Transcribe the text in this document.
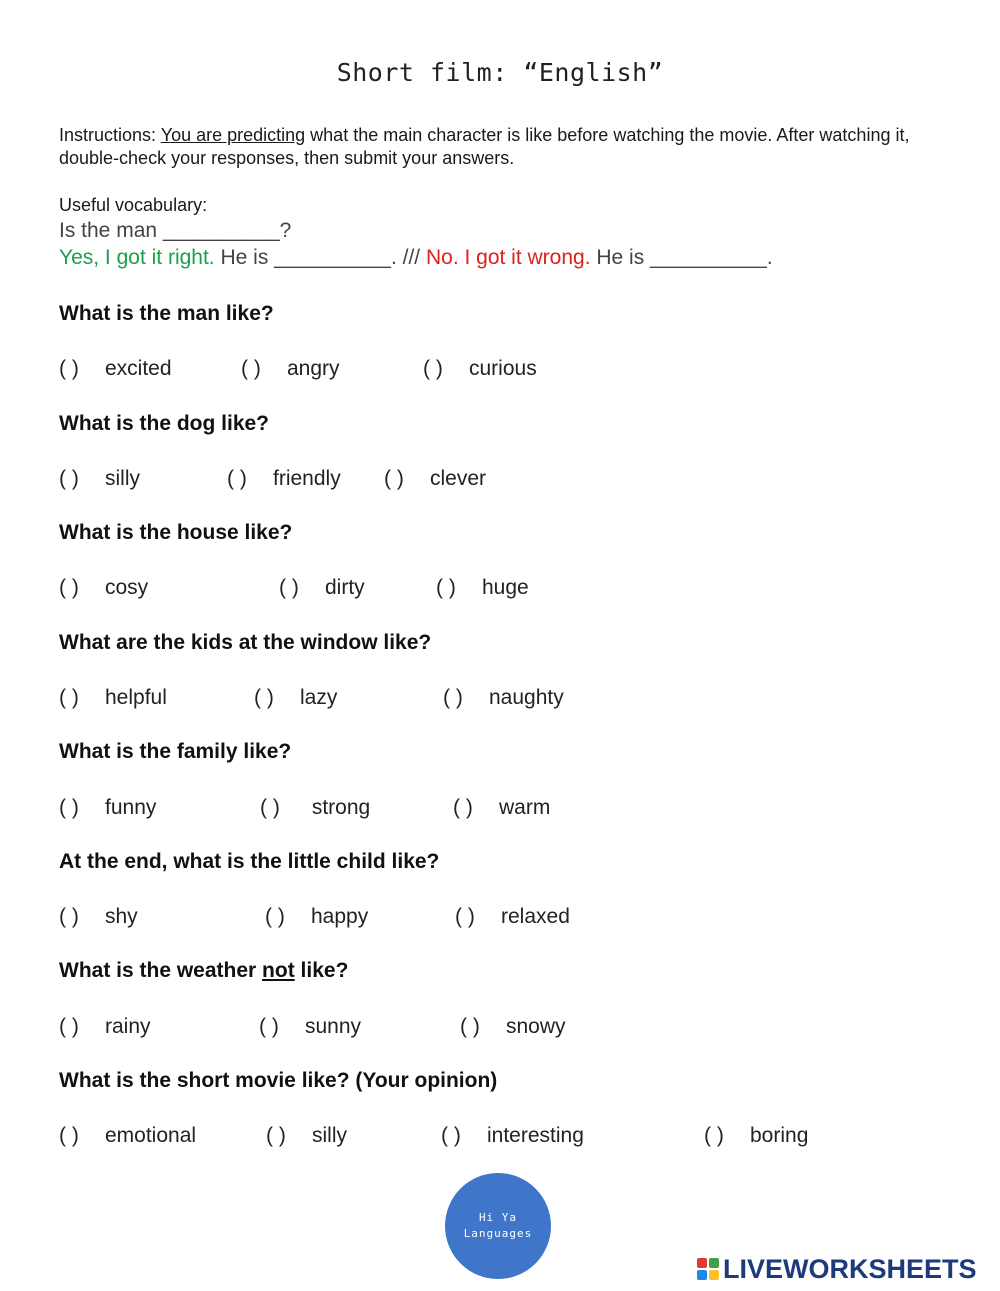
Short film: “English”
Instructions: You are predicting what the main character is like before watching the movie. After watching it, double-check your responses, then submit your answers.
Useful vocabulary:
Is the man __________?
Yes, I got it right. He is __________. /// No. I got it wrong. He is __________.
What is the man like?
( ) excited	( ) angry	( ) curious
What is the dog like?
( ) silly	( ) friendly ( ) clever
What is the house like?
( ) cosy	( ) dirty	( ) huge
What are the kids at the window like?
( ) helpful	( ) lazy	( ) naughty
What is the family like?
( ) funny	( ) strong	( ) warm
At the end, what is the little child like?
( ) shy	( ) happy	( ) relaxed
What is the weather not like?
( ) rainy	( ) sunny	( ) snowy
What is the short movie like? (Your opinion)
( ) emotional	( ) silly	( ) interesting	( ) boring
Hi Ya
Languages
LIVEWORKSHEETS
